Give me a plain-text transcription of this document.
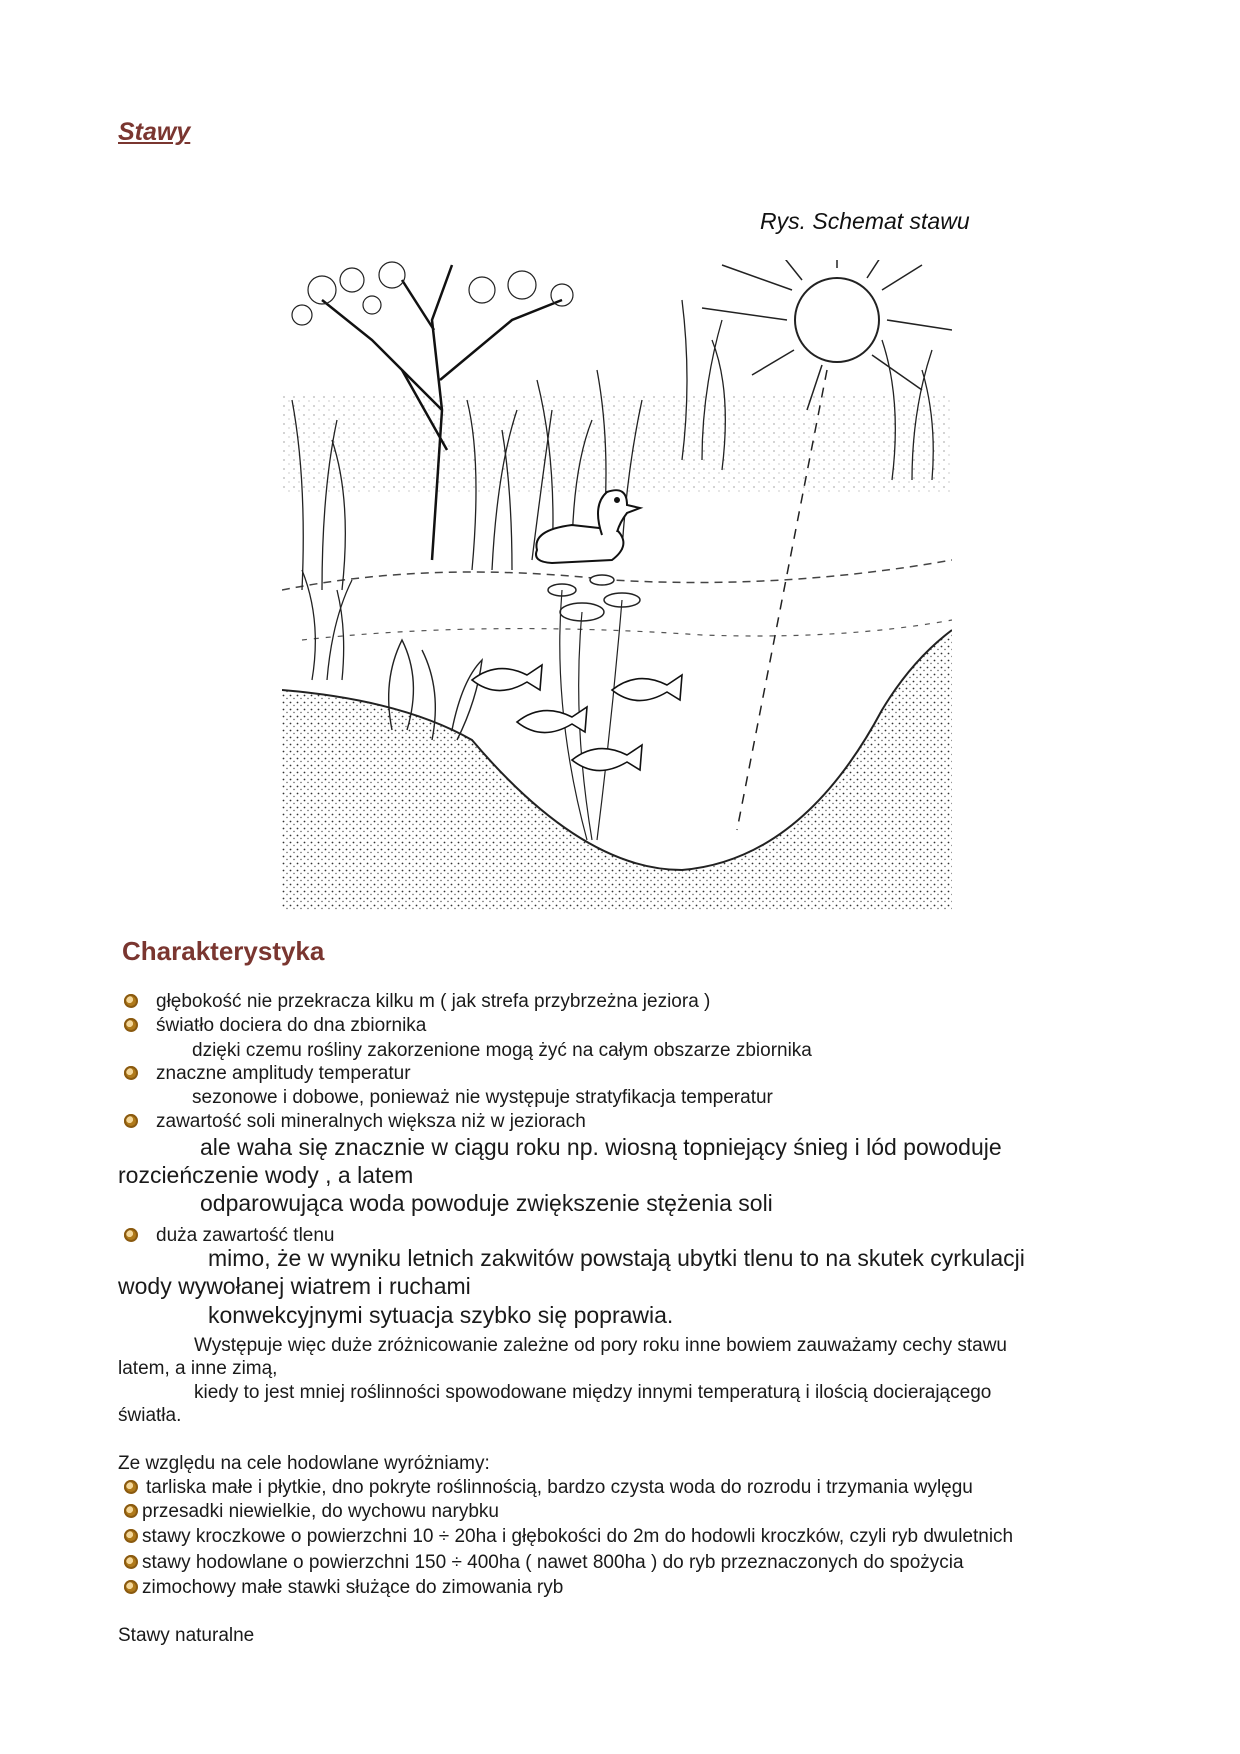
Stawy
Rys. Schemat stawu
Charakterystyka
głębokość nie przekracza kilku m ( jak strefa przybrzeżna jeziora )
światło dociera do dna zbiornika
dzięki czemu rośliny zakorzenione mogą żyć na całym obszarze zbiornika
znaczne amplitudy temperatur
sezonowe i dobowe, ponieważ nie występuje stratyfikacja temperatur
zawartość soli mineralnych większa niż w jeziorach
ale waha się znacznie w ciągu roku np. wiosną topniejący śnieg i lód powoduje
rozcieńczenie wody , a latem
odparowująca woda powoduje zwiększenie stężenia soli
duża zawartość tlenu
mimo, że w wyniku letnich zakwitów powstają ubytki tlenu to na skutek cyrkulacji
wody wywołanej wiatrem i ruchami
konwekcyjnymi sytuacja szybko się poprawia.
Występuje więc duże zróżnicowanie zależne od pory roku inne bowiem zauważamy cechy stawu
latem, a inne zimą,
kiedy to jest mniej roślinności spowodowane między innymi temperaturą i ilością docierającego
światła.
Ze względu na cele hodowlane wyróżniamy:
tarliska małe i płytkie, dno pokryte roślinnością, bardzo czysta woda do rozrodu i trzymania wylęgu
przesadki niewielkie, do wychowu narybku
stawy kroczkowe o powierzchni 10 ÷ 20ha i głębokości do 2m do hodowli kroczków, czyli ryb dwuletnich
stawy hodowlane o powierzchni 150 ÷ 400ha ( nawet 800ha ) do ryb przeznaczonych do spożycia
zimochowy małe stawki służące do zimowania ryb
Stawy naturalne
